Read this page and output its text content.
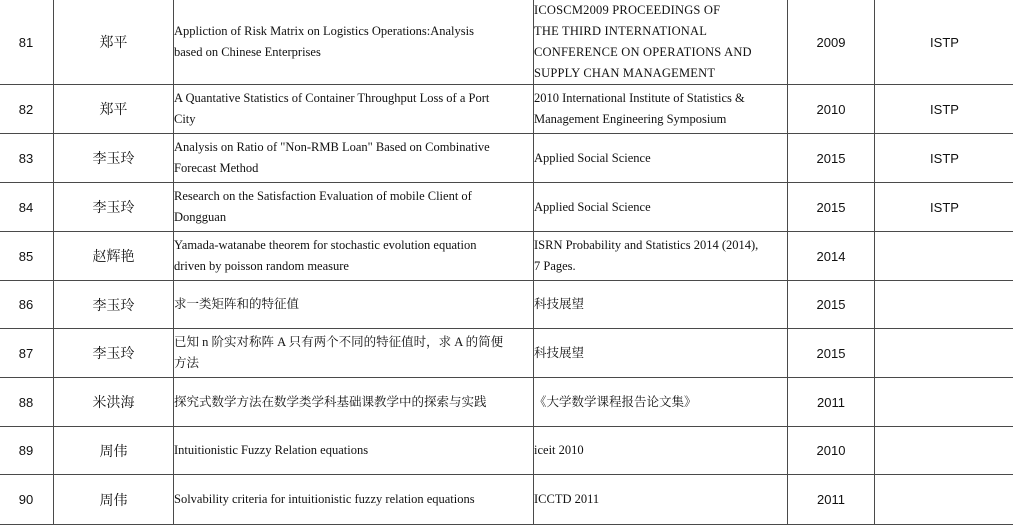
81	郑平	Appliction of Risk Matrix on Logistics Operations:Analysis
based on Chinese Enterprises	ICOSCM2009 PROCEEDINGS OF
THE THIRD INTERNATIONAL
CONFERENCE ON OPERATIONS AND
SUPPLY CHAN MANAGEMENT	2009	ISTP
82	郑平	A Quantative Statistics of Container Throughput Loss of a Port
City	2010 International Institute of Statistics &
Management Engineering Symposium	2010	ISTP
83	李玉玲	Analysis on Ratio of "Non-RMB Loan" Based on Combinative
Forecast Method	Applied Social Science	2015	ISTP
84	李玉玲	Research on the Satisfaction Evaluation of mobile Client of
Dongguan	Applied Social Science	2015	ISTP
85	赵辉艳	Yamada-watanabe theorem for stochastic evolution equation
driven by poisson random measure	ISRN Probability and Statistics 2014 (2014),
7 Pages.	2014	
86	李玉玲	求一类矩阵和的特征值	科技展望	2015	
87	李玉玲	已知 n 阶实对称阵 A 只有两个不同的特征值时，求 A 的简便
方法	科技展望	2015	
88	米洪海	探究式数学方法在数学类学科基础课教学中的探索与实践	《大学数学课程报告论文集》	2011	
89	周伟	Intuitionistic Fuzzy Relation equations	iceit 2010	2010	
90	周伟	Solvability criteria for intuitionistic fuzzy relation equations	ICCTD 2011	2011	
